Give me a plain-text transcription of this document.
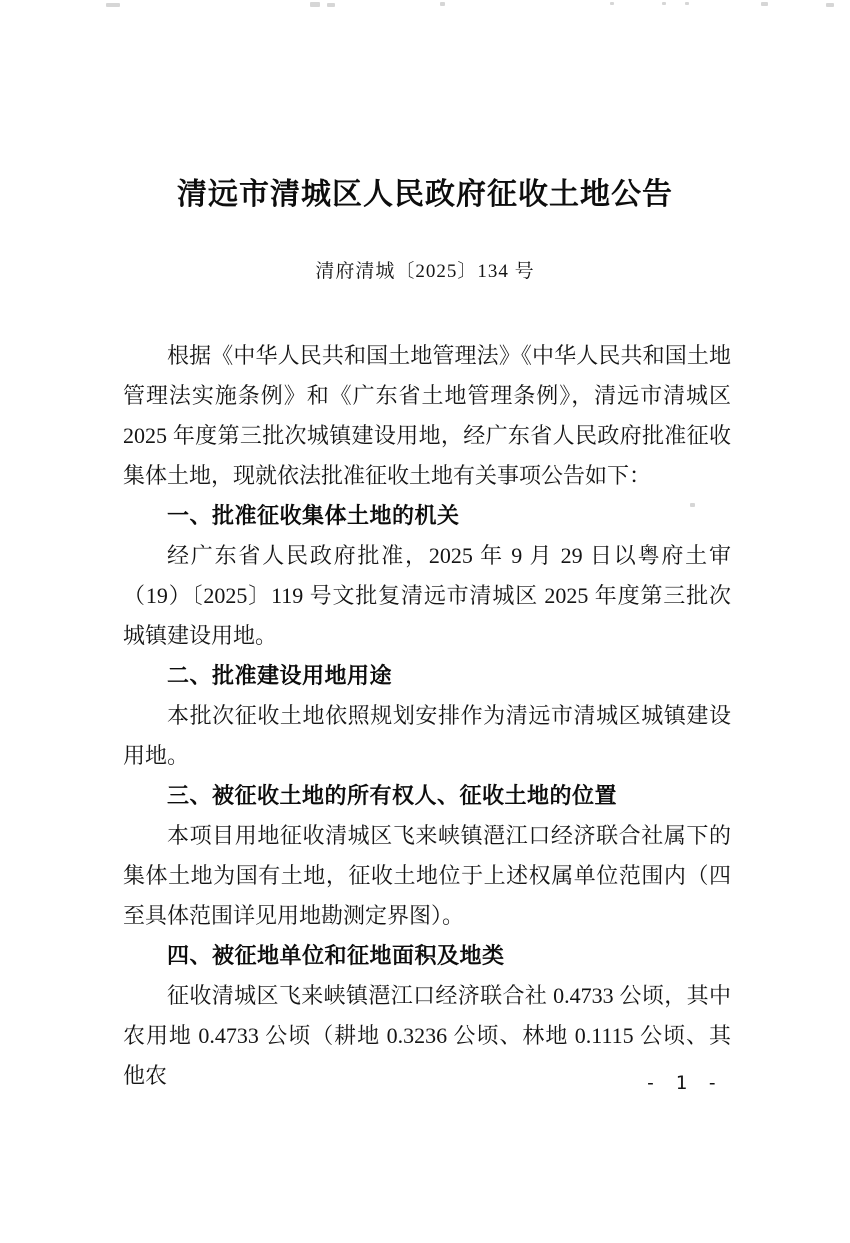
清远市清城区人民政府征收土地公告
清府清城〔2025〕134 号

根据《中华人民共和国土地管理法》《中华人民共和国土地管理法实施条例》和《广东省土地管理条例》，清远市清城区 2025 年度第三批次城镇建设用地，经广东省人民政府批准征收集体土地，现就依法批准征收土地有关事项公告如下：

一、批准征收集体土地的机关

经广东省人民政府批准，2025 年 9 月 29 日以粤府土审（19）〔2025〕119 号文批复清远市清城区 2025 年度第三批次城镇建设用地。

二、批准建设用地用途

本批次征收土地依照规划安排作为清远市清城区城镇建设用地。

三、被征收土地的所有权人、征收土地的位置

本项目用地征收清城区飞来峡镇潖江口经济联合社属下的集体土地为国有土地，征收土地位于上述权属单位范围内（四至具体范围详见用地勘测定界图）。

四、被征地单位和征地面积及地类

征收清城区飞来峡镇潖江口经济联合社 0.4733 公顷，其中农用地 0.4733 公顷（耕地 0.3236 公顷、林地 0.1115 公顷、其他农	- 1 -
